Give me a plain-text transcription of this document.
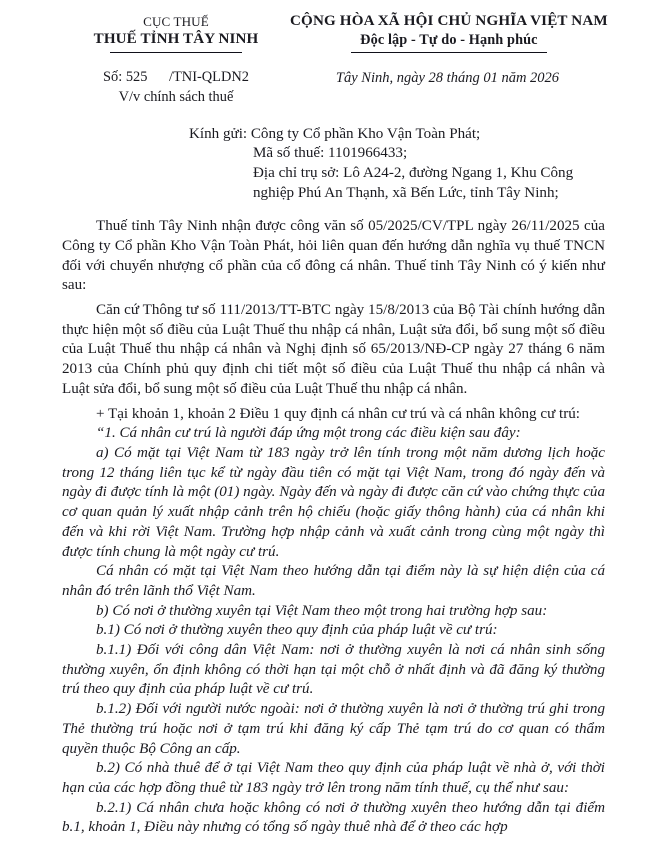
CỤC THUẾ
THUẾ TỈNH TÂY NINH
CỘNG HÒA XÃ HỘI CHỦ NGHĨA VIỆT NAM
Độc lập - Tự do - Hạnh phúc
Số: 525      /TNI-QLDN2
V/v chính sách thuế
Tây Ninh, ngày 28 tháng 01 năm 2026
Kính gửi: Công ty Cổ phần Kho Vận Toàn Phát;
Mã số thuế: 1101966433;
Địa chỉ trụ sở: Lô A24-2, đường Ngang 1, Khu Công
nghiệp Phú An Thạnh, xã Bến Lức, tỉnh Tây Ninh;

Thuế tỉnh Tây Ninh nhận được công văn số 05/2025/CV/TPL ngày 26/11/2025 của Công ty Cổ phần Kho Vận Toàn Phát, hỏi liên quan đến hướng dẫn nghĩa vụ thuế TNCN đối với chuyển nhượng cổ phần của cổ đông cá nhân. Thuế tỉnh Tây Ninh có ý kiến như sau:

Căn cứ Thông tư số 111/2013/TT-BTC ngày 15/8/2013 của Bộ Tài chính hướng dẫn thực hiện một số điều của Luật Thuế thu nhập cá nhân, Luật sửa đổi, bổ sung một số điều của Luật Thuế thu nhập cá nhân và Nghị định số 65/2013/NĐ-CP ngày 27 tháng 6 năm 2013 của Chính phủ quy định chi tiết một số điều của Luật Thuế thu nhập cá nhân và Luật sửa đổi, bổ sung một số điều của Luật Thuế thu nhập cá nhân.

+ Tại khoản 1, khoản 2 Điều 1 quy định cá nhân cư trú và cá nhân không cư trú:

“1. Cá nhân cư trú là người đáp ứng một trong các điều kiện sau đây:

a) Có mặt tại Việt Nam từ 183 ngày trở lên tính trong một năm dương lịch hoặc trong 12 tháng liên tục kể từ ngày đầu tiên có mặt tại Việt Nam, trong đó ngày đến và ngày đi được tính là một (01) ngày. Ngày đến và ngày đi được căn cứ vào chứng thực của cơ quan quản lý xuất nhập cảnh trên hộ chiếu (hoặc giấy thông hành) của cá nhân khi đến và khi rời Việt Nam. Trường hợp nhập cảnh và xuất cảnh trong cùng một ngày thì được tính chung là một ngày cư trú.

Cá nhân có mặt tại Việt Nam theo hướng dẫn tại điểm này là sự hiện diện của cá nhân đó trên lãnh thổ Việt Nam.

b) Có nơi ở thường xuyên tại Việt Nam theo một trong hai trường hợp sau:

b.1) Có nơi ở thường xuyên theo quy định của pháp luật về cư trú:

b.1.1) Đối với công dân Việt Nam: nơi ở thường xuyên là nơi cá nhân sinh sống thường xuyên, ổn định không có thời hạn tại một chỗ ở nhất định và đã đăng ký thường trú theo quy định của pháp luật về cư trú.

b.1.2) Đối với người nước ngoài: nơi ở thường xuyên là nơi ở thường trú ghi trong Thẻ thường trú hoặc nơi ở tạm trú khi đăng ký cấp Thẻ tạm trú do cơ quan có thẩm quyền thuộc Bộ Công an cấp.

b.2) Có nhà thuê để ở tại Việt Nam theo quy định của pháp luật về nhà ở, với thời hạn của các hợp đồng thuê từ 183 ngày trở lên trong năm tính thuế, cụ thể như sau:

b.2.1) Cá nhân chưa hoặc không có nơi ở thường xuyên theo hướng dẫn tại điểm b.1, khoản 1, Điều này nhưng có tổng số ngày thuê nhà để ở theo các hợp
